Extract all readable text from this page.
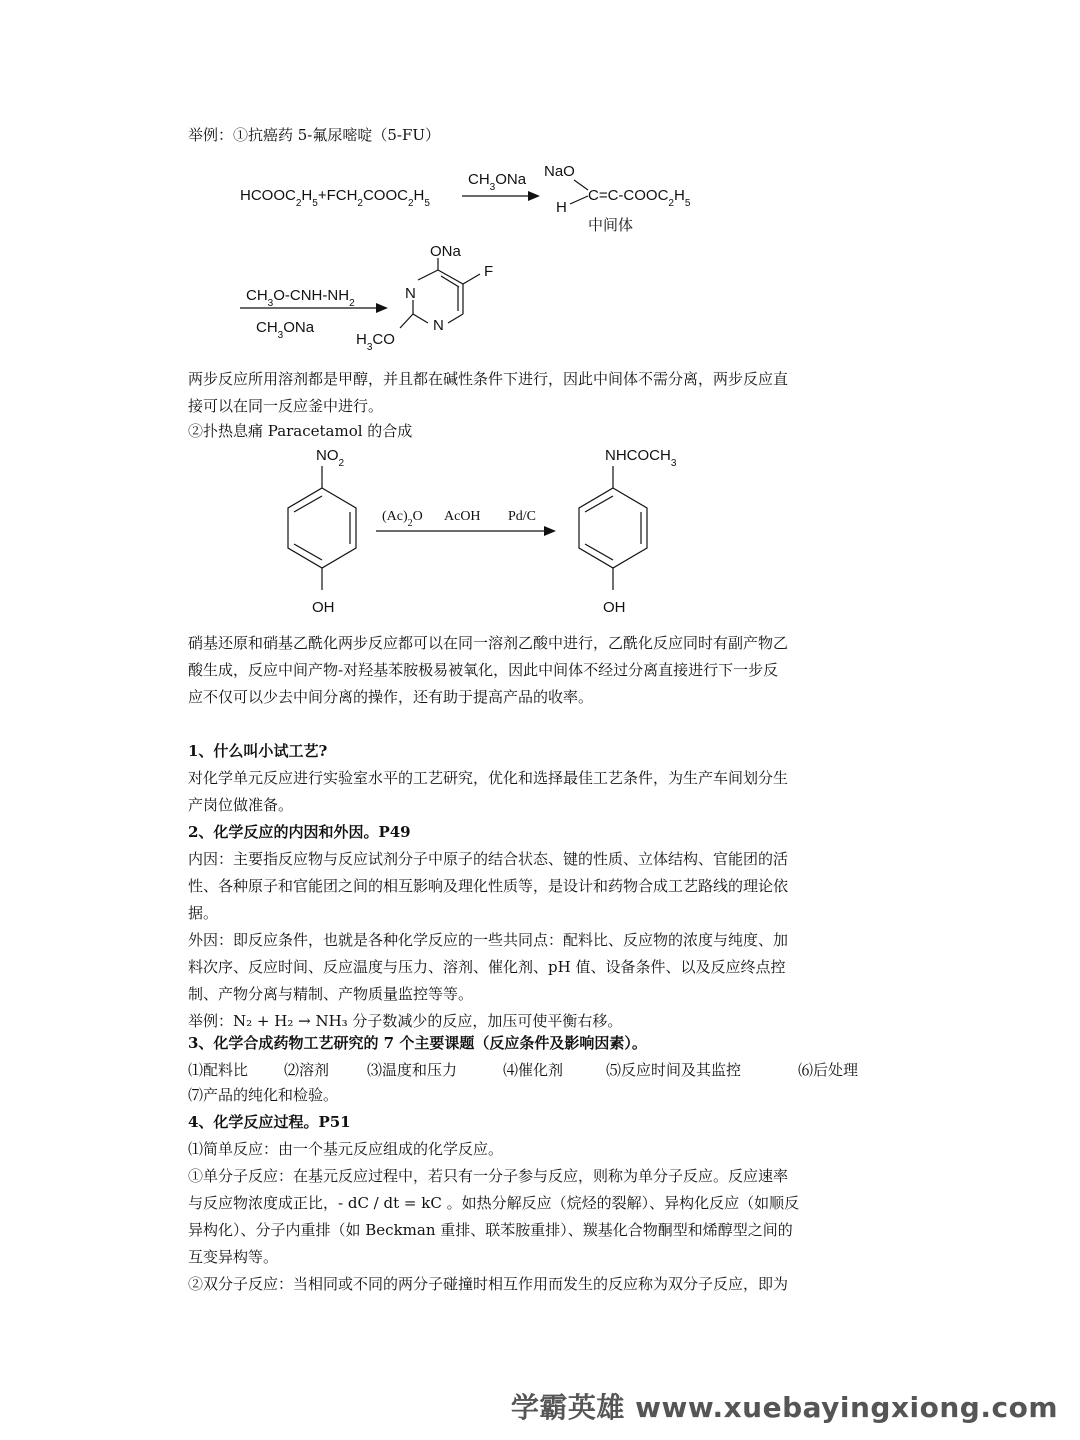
举例：①抗癌药 5-氟尿嘧啶（5-FU）
$HCOOC_2H_5+FCH_2COOC_2H_5$
$CH_3ONa$ NaO
H
$C=C-COOC_2H_5$
中间体
$CH_3O-CNH-NH_2$
$CH_3ONa$
ONa
F
N
N
$H_3CO$
两步反应所用溶剂都是甲醇，并且都在碱性条件下进行，因此中间体不需分离，两步反应直
接可以在同一反应釜中进行。
②扑热息痛 Paracetamol 的合成
$NO_2$
OH
$(Ac)_2O$ AcOH Pd/C
$NHCOCH_3$
OH
硝基还原和硝基乙酰化两步反应都可以在同一溶剂乙酸中进行，乙酰化反应同时有副产物乙
酸生成，反应中间产物-对羟基苯胺极易被氧化，因此中间体不经过分离直接进行下一步反
应不仅可以少去中间分离的操作，还有助于提高产品的收率。
1、什么叫小试工艺?
对化学单元反应进行实验室水平的工艺研究，优化和选择最佳工艺条件，为生产车间划分生
产岗位做准备。
2、化学反应的内因和外因。P49
内因：主要指反应物与反应试剂分子中原子的结合状态、键的性质、立体结构、官能团的活
性、各种原子和官能团之间的相互影响及理化性质等，是设计和药物合成工艺路线的理论依
据。
外因：即反应条件，也就是各种化学反应的一些共同点：配料比、反应物的浓度与纯度、加
料次序、反应时间、反应温度与压力、溶剂、催化剂、pH 值、设备条件、以及反应终点控
制、产物分离与精制、产物质量监控等等。
举例：N₂ + H₂ → NH₃ 分子数减少的反应，加压可使平衡右移。
3、化学合成药物工艺研究的 7 个主要课题（反应条件及影响因素）。
⑴配料比 ⑵溶剂	⑶温度和压力	⑷催化剂	⑸反应时间及其监控	⑹后处理
⑺产品的纯化和检验。
4、化学反应过程。P51
⑴简单反应：由一个基元反应组成的化学反应。
①单分子反应：在基元反应过程中，若只有一分子参与反应，则称为单分子反应。反应速率
与反应物浓度成正比，- dC / dt = kC 。如热分解反应（烷烃的裂解）、异构化反应（如顺反
异构化）、分子内重排（如 Beckman 重排、联苯胺重排）、羰基化合物酮型和烯醇型之间的
互变异构等。
②双分子反应：当相同或不同的两分子碰撞时相互作用而发生的反应称为双分子反应，即为
学霸英雄 www.xuebayingxiong.com
